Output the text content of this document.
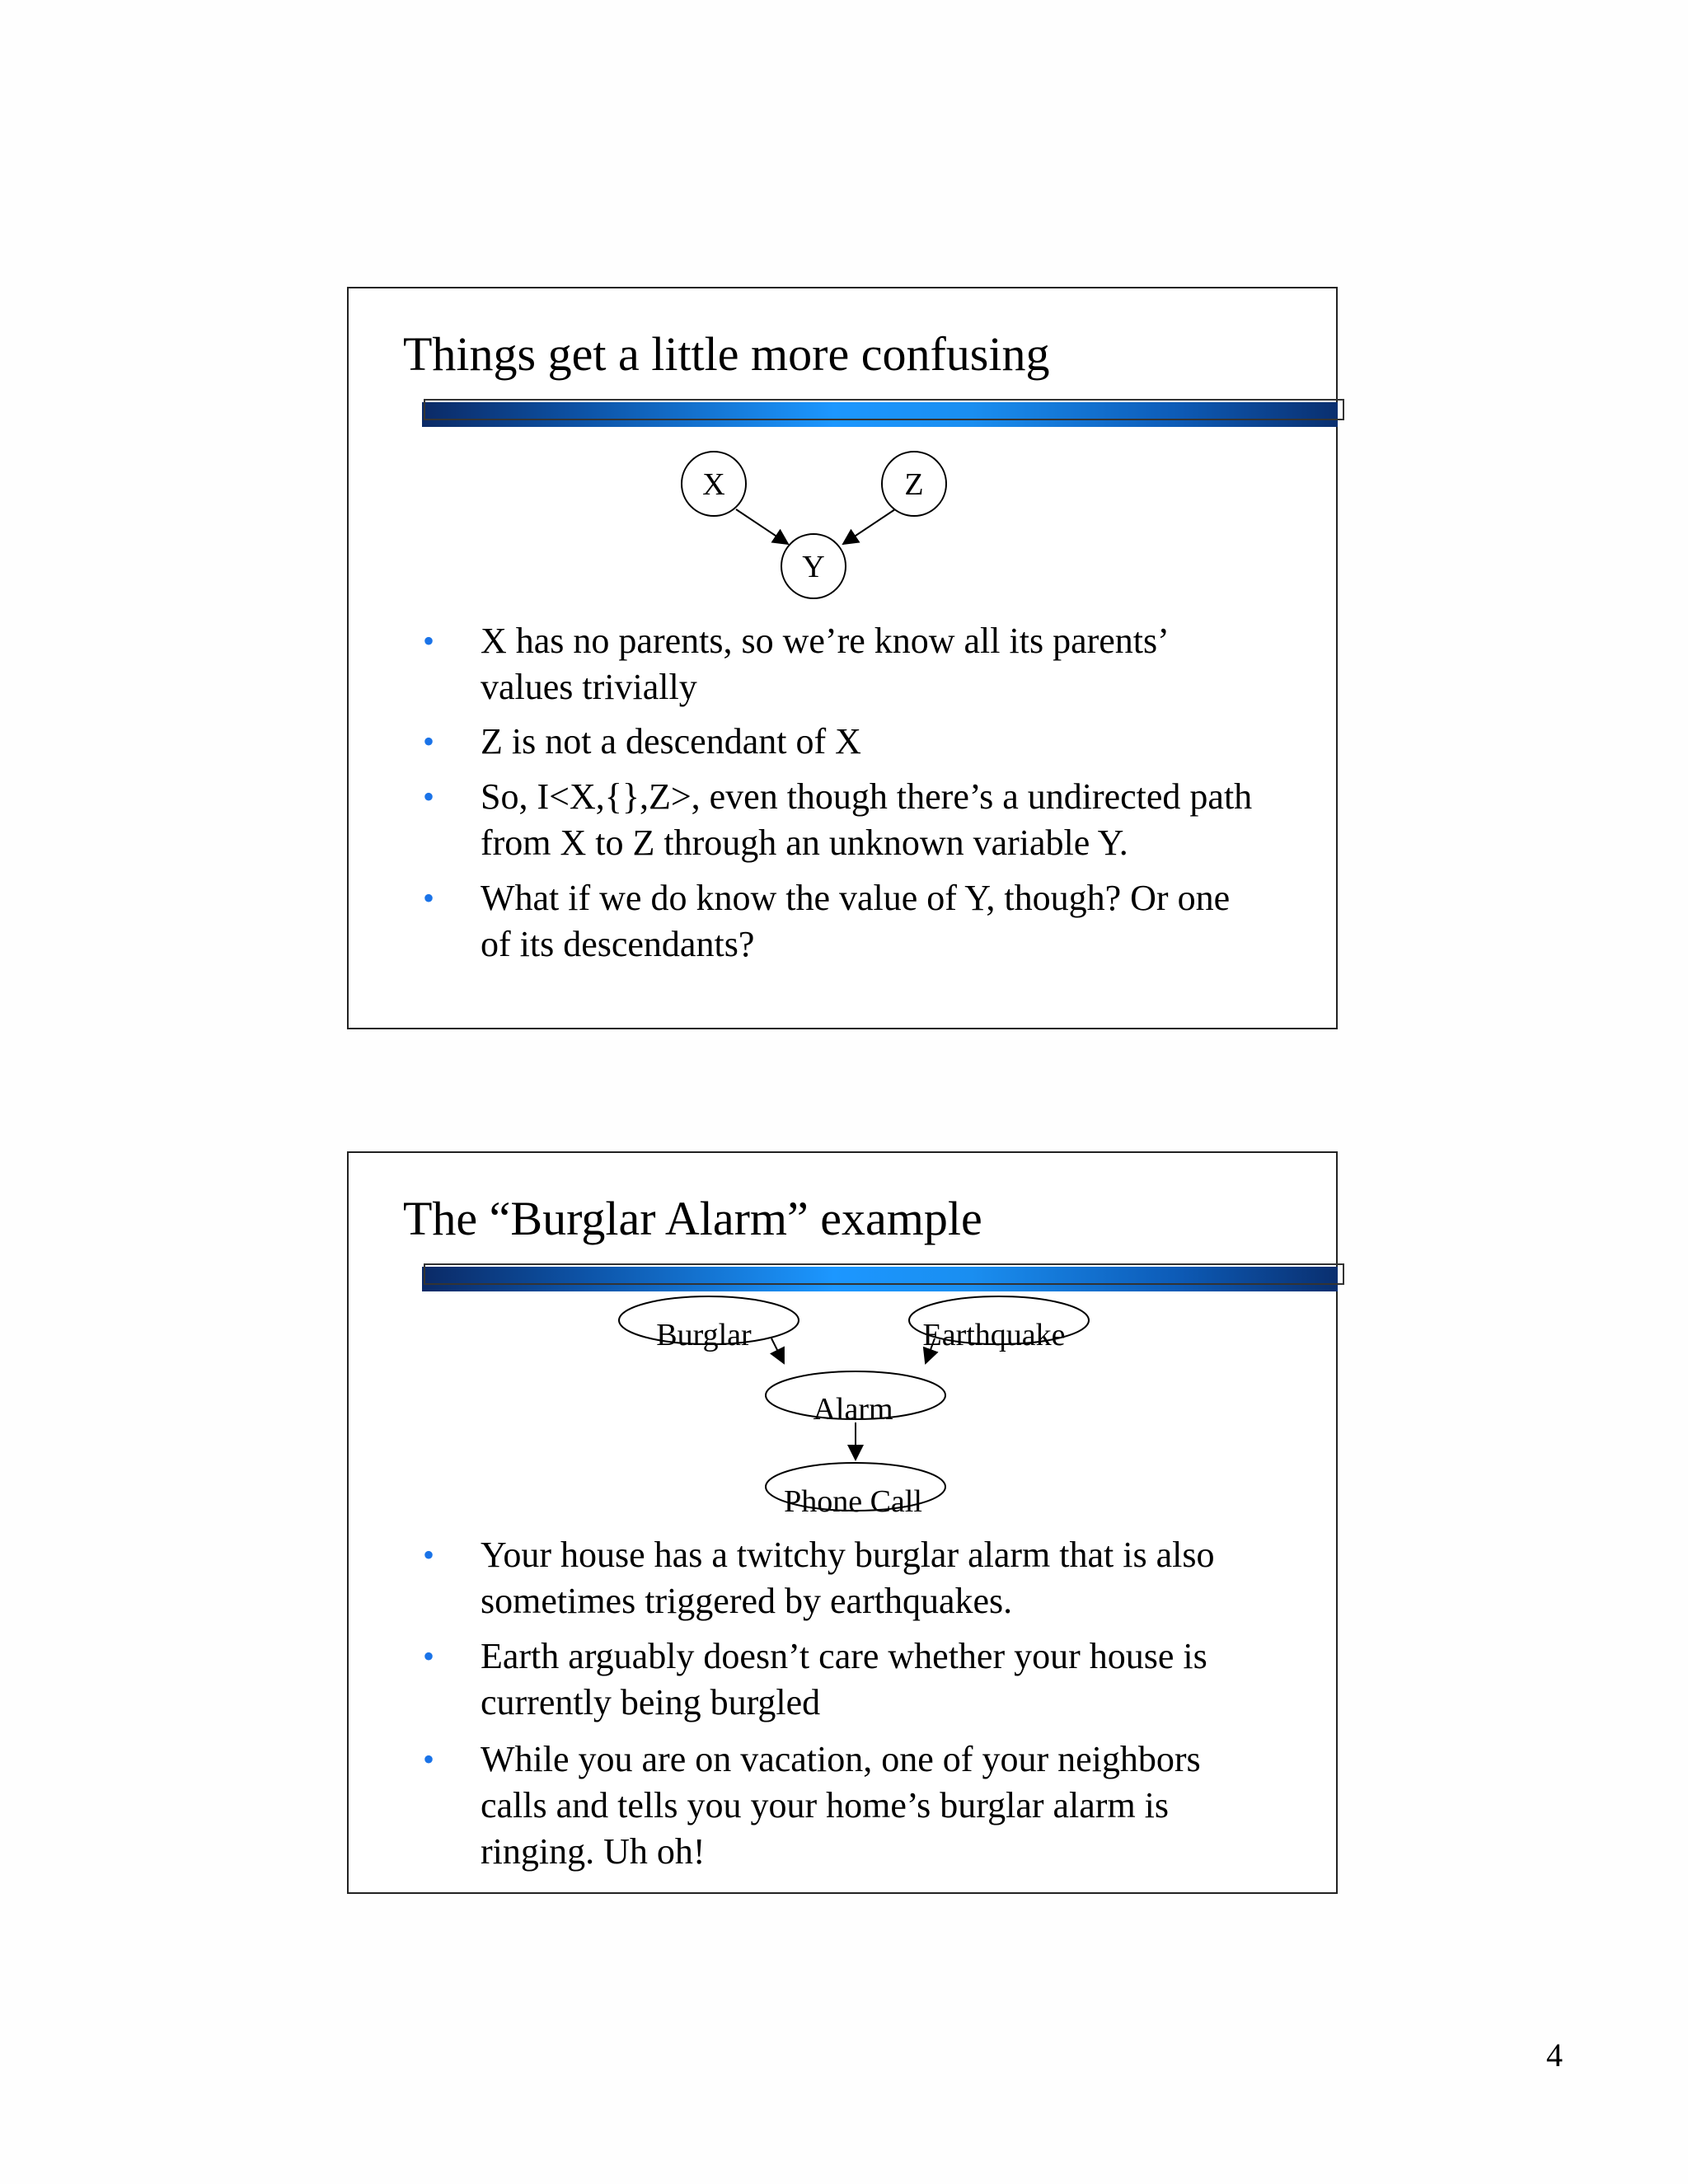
Things get a little more confusing
X	Z
Y
• X has no parents, so we’re know all its parents’
values trivially
• Z is not a descendant of X
• So, I<X,{},Z>, even though there’s a undirected path
from X to Z through an unknown variable Y.
• What if we do know the value of Y, though? Or one
of its descendants?
The “Burglar Alarm” example
Burglar	Earthquake
Alarm
Phone Call
• Your house has a twitchy burglar alarm that is also
sometimes triggered by earthquakes.
• Earth arguably doesn’t care whether your house is
currently being burgled
• While you are on vacation, one of your neighbors
calls and tells you your home’s burglar alarm is
ringing. Uh oh!
4
